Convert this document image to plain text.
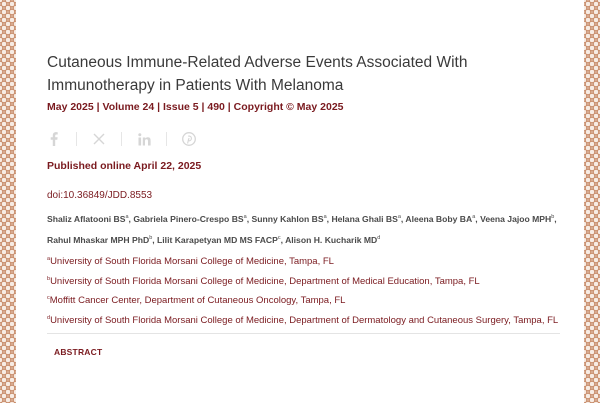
Cutaneous Immune-Related Adverse Events Associated With Immunotherapy in Patients With Melanoma
May 2025 | Volume 24 | Issue 5 | 490 | Copyright © May 2025
Published online April 22, 2025
doi:10.36849/JDD.8553
Shaliz Aflatooni $BS^a$, Gabriela Pinero-Crespo $BS^a$, Sunny Kahlon $BS^a$, Helana Ghali $BS^a$, Aleena Boby $BA^a$, Veena Jajoo MPH$^b$, Rahul Mhaskar MPH PhD$^b$, Lilit Karapetyan MD MS FACP$^c$, Alison H. Kucharik $MD^d$
$^a$University of South Florida Morsani College of Medicine, Tampa, FL
$^b$University of South Florida Morsani College of Medicine, Department of Medical Education, Tampa, FL
$^c$Moffitt Cancer Center, Department of Cutaneous Oncology, Tampa, FL
$^d$University of South Florida Morsani College of Medicine, Department of Dermatology and Cutaneous Surgery, Tampa, FL
ABSTRACT
